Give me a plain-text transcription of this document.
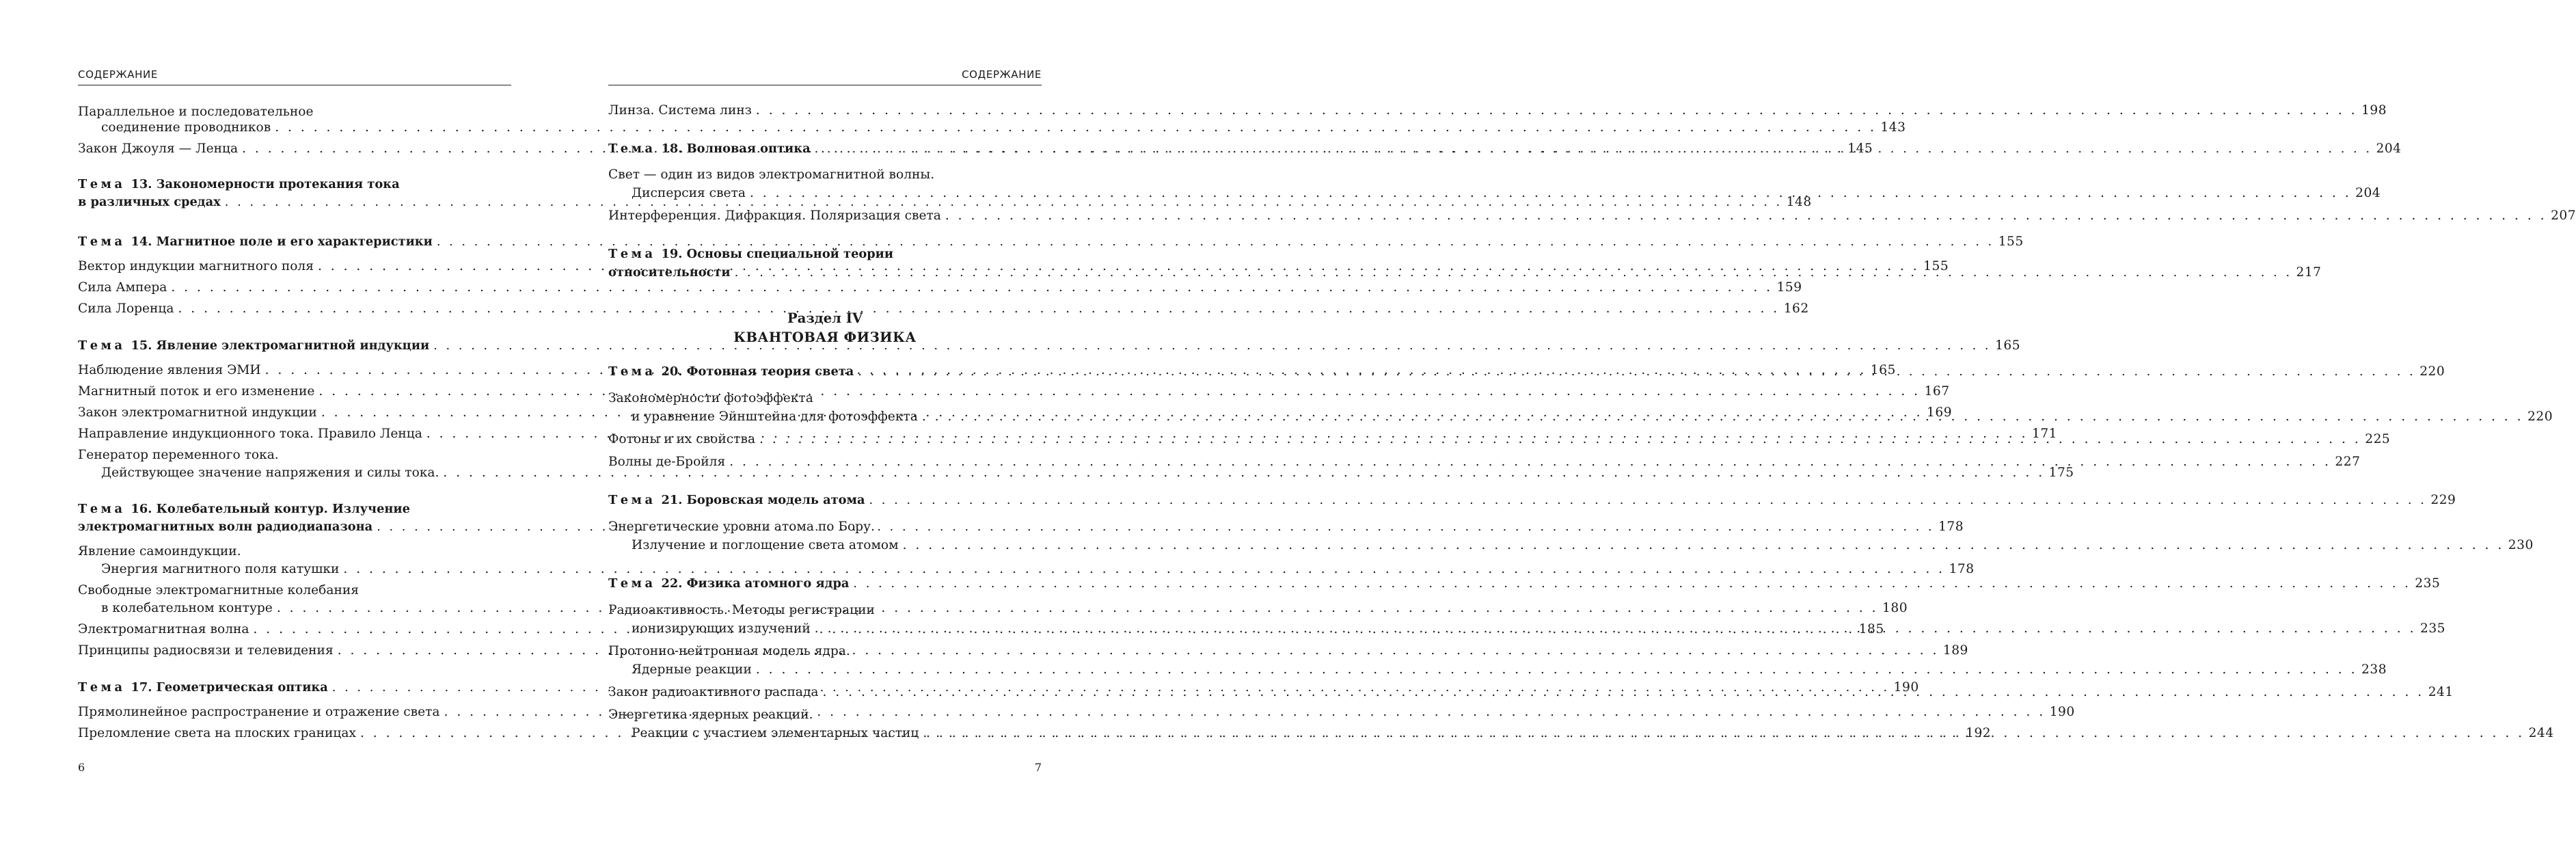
СОДЕРЖАНИЕ
Параллельное и последовательное
соединение проводников . . .	143
Закон Джоуля — Ленца . . .	145
Тема 13. Закономерности протекания тока
в различных средах . . .	148
Тема 14. Магнитное поле и его характеристики . . .	155
Вектор индукции магнитного поля . . .	155
Сила Ампера . . .	159
Сила Лоренца . . .	162
Тема 15. Явление электромагнитной индукции . . .	165
Наблюдение явления ЭМИ . . .	165
Магнитный поток и его изменение . . .	167
Закон электромагнитной индукции . . .	169
Направление индукционного тока. Правило Ленца . . .	171
Генератор переменного тока.
Действующее значение напряжения и силы тока. . . .	175
Тема 16. Колебательный контур. Излучение
электромагнитных волн радиодиапазона . . .	178
Явление самоиндукции.
Энергия магнитного поля катушки . . .	178
Свободные электромагнитные колебания
в колебательном контуре . . .	180
Электромагнитная волна . . .	185
Принципы радиосвязи и телевидения . . .	189
Тема 17. Геометрическая оптика . . .	190
Прямолинейное распространение и отражение света . . .	190
Преломление света на плоских границах . . .	192
6
СОДЕРЖАНИЕ
Линза. Система линз . . .	198
Тема 18. Волновая оптика . . .	204
Свет — один из видов электромагнитной волны.
Дисперсия света . . .	204
Интерференция. Дифракция. Поляризация света . . .	207
Тема 19. Основы специальной теории
относительности . . .	217
Раздел IV
КВАНТОВАЯ ФИЗИКА
Тема 20. Фотонная теория света . . .	220
Закономерности фотоэффекта
и уравнение Эйнштейна для фотоэффекта . . .	220
Фотоны и их свойства . . .	225
Волны де-Бройля . . .	227
Тема 21. Боровская модель атома . . .	229
Энергетические уровни атома по Бору.
Излучение и поглощение света атомом . . .	230
Тема 22. Физика атомного ядра . . .	235
Радиоактивность. Методы регистрации
ионизирующих излучений . . .	235
Протонно-нейтронная модель ядра.
Ядерные реакции . . .	238
Закон радиоактивного распада . . .	241
Энергетика ядерных реакций.
Реакции с участием элементарных частиц . . .	244
7
